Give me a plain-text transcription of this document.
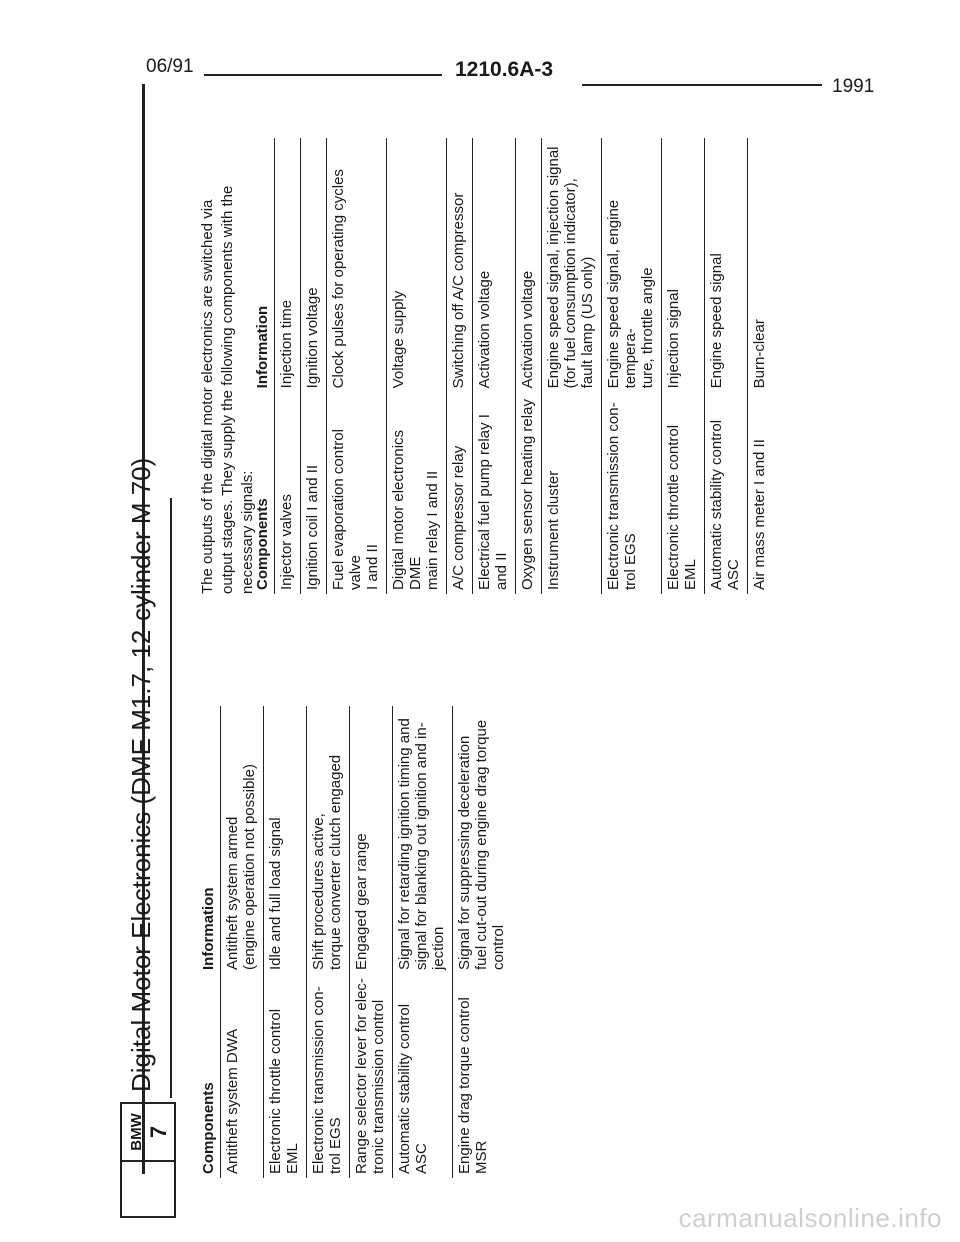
06/91	1210.6A-3
1991
BMW 7
Digital Motor Electronics (DME M1.7, 12-cylinder M 70)
Components	Information
Antitheft system DWA	Antitheft system armed
(engine operation not possible)
Electronic throttle control EML	Idle and full load signal
Electronic transmission con-
trol EGS	Shift procedures active,
torque converter clutch engaged
Range selector lever for elec-
tronic transmission control	Engaged gear range
Automatic stability control
ASC	Signal for retarding ignition timing and
signal for blanking out ignition and in-
jection
Engine drag torque control
MSR	Signal for suppressing deceleration
fuel cut-out during engine drag torque
control
The outputs of the digital motor electronics are switched via output stages. They supply the following components with the necessary signals:
Components	Information
Injector valves	Injection time
Ignition coil I and II	Ignition voltage
Fuel evaporation control valve
I and II	Clock pulses for operating cycles
Digital motor electronics DME
main relay I and II	Voltage supply
A/C compressor relay	Switching off A/C compressor
Electrical fuel pump relay I
and II	Activation voltage
Oxygen sensor heating relay	Activation voltage
Instrument cluster	Engine speed signal, injection signal
(for fuel consumption indicator),
fault lamp (US only)
Electronic transmission con-
trol EGS	Engine speed signal, engine tempera-
ture, throttle angle
Electronic throttle control EML	Injection signal
Automatic stability control
ASC	Engine speed signal
Air mass meter I and II	Burn-clear
carmanualsonline.info
